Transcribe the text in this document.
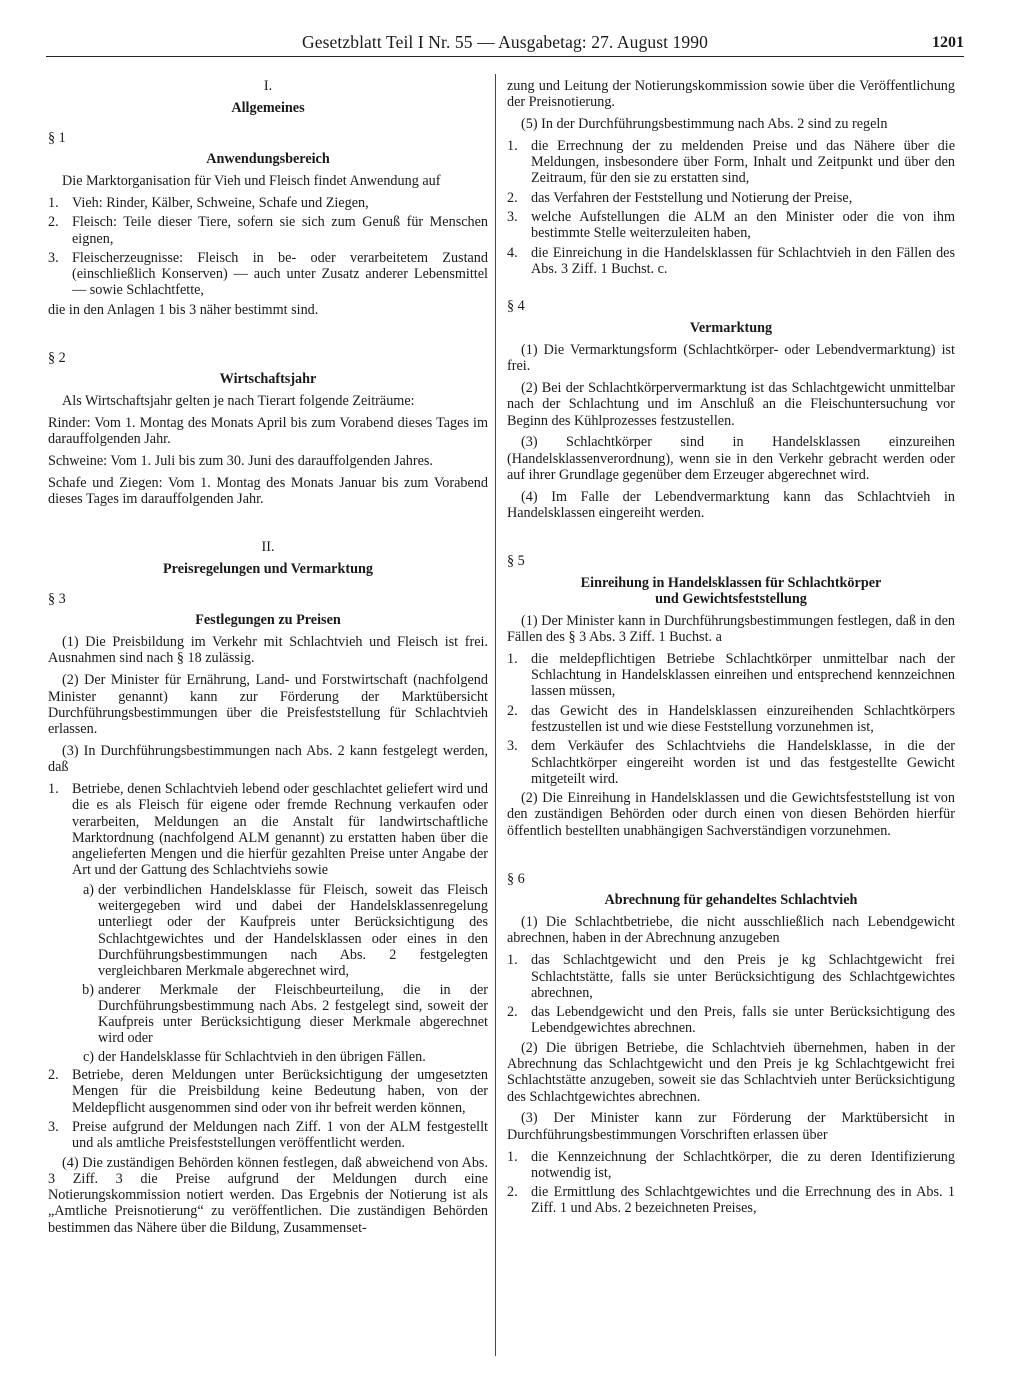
Gesetzblatt Teil I Nr. 55 — Ausgabetag: 27. August 1990	1201

I.

Allgemeines

§ 1

Anwendungsbereich

Die Marktorganisation für Vieh und Fleisch findet Anwendung auf

1. Vieh: Rinder, Kälber, Schweine, Schafe und Ziegen,
2. Fleisch: Teile dieser Tiere, sofern sie sich zum Genuß für Menschen eignen,
3. Fleischerzeugnisse: Fleisch in be- oder verarbeitetem Zustand (einschließlich Konserven) — auch unter Zusatz anderer Lebensmittel — sowie Schlachtfette,

die in den Anlagen 1 bis 3 näher bestimmt sind.

§ 2

Wirtschaftsjahr

Als Wirtschaftsjahr gelten je nach Tierart folgende Zeiträume:

Rinder: Vom 1. Montag des Monats April bis zum Vorabend dieses Tages im darauffolgenden Jahr.

Schweine: Vom 1. Juli bis zum 30. Juni des darauffolgenden Jahres.

Schafe und Ziegen: Vom 1. Montag des Monats Januar bis zum Vorabend dieses Tages im darauffolgenden Jahr.

II.

Preisregelungen und Vermarktung

§ 3

Festlegungen zu Preisen

(1) Die Preisbildung im Verkehr mit Schlachtvieh und Fleisch ist frei. Ausnahmen sind nach § 18 zulässig.

(2) Der Minister für Ernährung, Land- und Forstwirtschaft (nachfolgend Minister genannt) kann zur Förderung der Marktübersicht Durchführungsbestimmungen über die Preisfeststellung für Schlachtvieh erlassen.

(3) In Durchführungsbestimmungen nach Abs. 2 kann festgelegt werden, daß

1. Betriebe, denen Schlachtvieh lebend oder geschlachtet geliefert wird und die es als Fleisch für eigene oder fremde Rechnung verkaufen oder verarbeiten, Meldungen an die Anstalt für landwirtschaftliche Marktordnung (nachfolgend ALM genannt) zu erstatten haben über die angelieferten Mengen und die hierfür gezahlten Preise unter Angabe der Art und der Gattung des Schlachtviehs sowie
a) der verbindlichen Handelsklasse für Fleisch, soweit das Fleisch weitergegeben wird und dabei der Handelsklassenregelung unterliegt oder der Kaufpreis unter Berücksichtigung des Schlachtgewichtes und der Handelsklassen oder eines in den Durchführungsbestimmungen nach Abs. 2 festgelegten vergleichbaren Merkmale abgerechnet wird,
b) anderer Merkmale der Fleischbeurteilung, die in der Durchführungsbestimmung nach Abs. 2 festgelegt sind, soweit der Kaufpreis unter Berücksichtigung dieser Merkmale abgerechnet wird oder
c) der Handelsklasse für Schlachtvieh in den übrigen Fällen.
2. Betriebe, deren Meldungen unter Berücksichtigung der umgesetzten Mengen für die Preisbildung keine Bedeutung haben, von der Meldepflicht ausgenommen sind oder von ihr befreit werden können,
3. Preise aufgrund der Meldungen nach Ziff. 1 von der ALM festgestellt und als amtliche Preisfeststellungen veröffentlicht werden.

(4) Die zuständigen Behörden können festlegen, daß abweichend von Abs. 3 Ziff. 3 die Preise aufgrund der Meldungen durch eine Notierungskommission notiert werden. Das Ergebnis der Notierung ist als „Amtliche Preisnotierung“ zu veröffentlichen. Die zuständigen Behörden bestimmen das Nähere über die Bildung, Zusammenset-

zung und Leitung der Notierungskommission sowie über die Veröffentlichung der Preisnotierung.

(5) In der Durchführungsbestimmung nach Abs. 2 sind zu regeln

1. die Errechnung der zu meldenden Preise und das Nähere über die Meldungen, insbesondere über Form, Inhalt und Zeitpunkt und über den Zeitraum, für den sie zu erstatten sind,
2. das Verfahren der Feststellung und Notierung der Preise,
3. welche Aufstellungen die ALM an den Minister oder die von ihm bestimmte Stelle weiterzuleiten haben,
4. die Einreichung in die Handelsklassen für Schlachtvieh in den Fällen des Abs. 3 Ziff. 1 Buchst. c.

§ 4

Vermarktung

(1) Die Vermarktungsform (Schlachtkörper- oder Lebendvermarktung) ist frei.

(2) Bei der Schlachtkörpervermarktung ist das Schlachtgewicht unmittelbar nach der Schlachtung und im Anschluß an die Fleischuntersuchung vor Beginn des Kühlprozesses festzustellen.

(3) Schlachtkörper sind in Handelsklassen einzureihen (Handelsklassenverordnung), wenn sie in den Verkehr gebracht werden oder auf ihrer Grundlage gegenüber dem Erzeuger abgerechnet wird.

(4) Im Falle der Lebendvermarktung kann das Schlachtvieh in Handelsklassen eingereiht werden.

§ 5

Einreihung in Handelsklassen für Schlachtkörper

und Gewichtsfeststellung

(1) Der Minister kann in Durchführungsbestimmungen festlegen, daß in den Fällen des § 3 Abs. 3 Ziff. 1 Buchst. a

1. die meldepflichtigen Betriebe Schlachtkörper unmittelbar nach der Schlachtung in Handelsklassen einreihen und entsprechend kennzeichnen lassen müssen,
2. das Gewicht des in Handelsklassen einzureihenden Schlachtkörpers festzustellen ist und wie diese Feststellung vorzunehmen ist,
3. dem Verkäufer des Schlachtviehs die Handelsklasse, in die der Schlachtkörper eingereiht worden ist und das festgestellte Gewicht mitgeteilt wird.

(2) Die Einreihung in Handelsklassen und die Gewichtsfeststellung ist von den zuständigen Behörden oder durch einen von diesen Behörden hierfür öffentlich bestellten unabhängigen Sachverständigen vorzunehmen.

§ 6

Abrechnung für gehandeltes Schlachtvieh

(1) Die Schlachtbetriebe, die nicht ausschließlich nach Lebendgewicht abrechnen, haben in der Abrechnung anzugeben

1. das Schlachtgewicht und den Preis je kg Schlachtgewicht frei Schlachtstätte, falls sie unter Berücksichtigung des Schlachtgewichtes abrechnen,
2. das Lebendgewicht und den Preis, falls sie unter Berücksichtigung des Lebendgewichtes abrechnen.

(2) Die übrigen Betriebe, die Schlachtvieh übernehmen, haben in der Abrechnung das Schlachtgewicht und den Preis je kg Schlachtgewicht frei Schlachtstätte anzugeben, soweit sie das Schlachtvieh unter Berücksichtigung des Schlachtgewichtes abrechnen.

(3) Der Minister kann zur Förderung der Marktübersicht in Durchführungsbestimmungen Vorschriften erlassen über

1. die Kennzeichnung der Schlachtkörper, die zu deren Identifizierung notwendig ist,
2. die Ermittlung des Schlachtgewichtes und die Errechnung des in Abs. 1 Ziff. 1 und Abs. 2 bezeichneten Preises,
